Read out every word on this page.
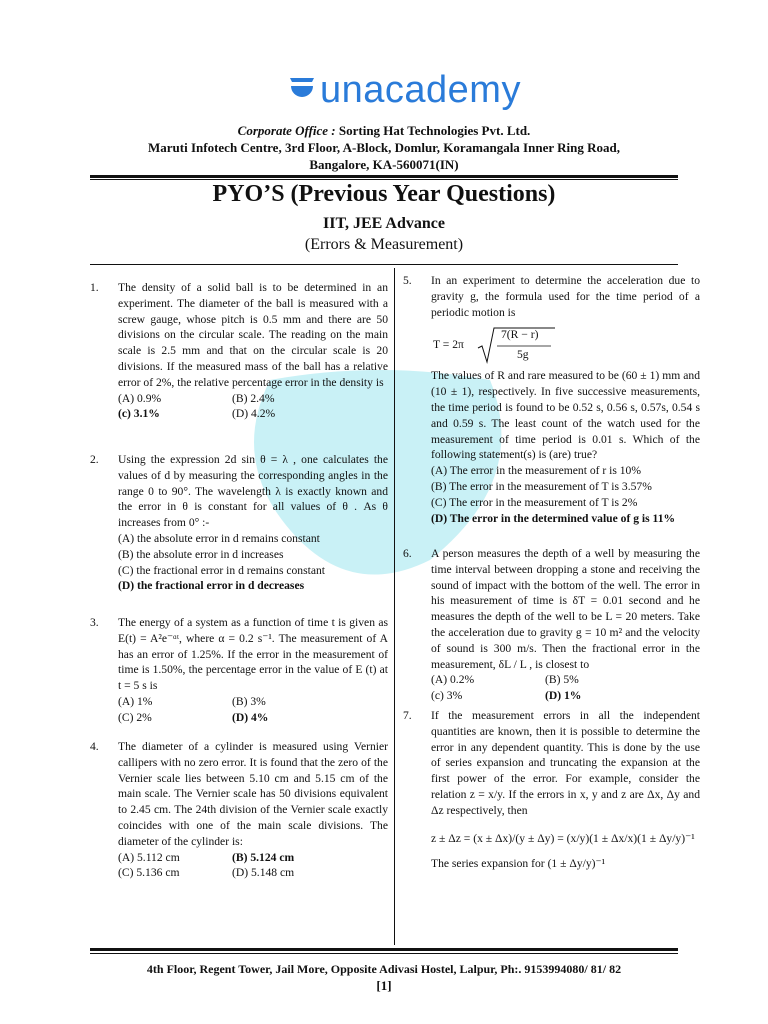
unacademy
Corporate Office : Sorting Hat Technologies Pvt. Ltd.
Maruti Infotech Centre, 3rd Floor, A-Block, Domlur, Koramangala Inner Ring Road,
Bangalore, KA-560071(IN)
PYO’S (Previous Year Questions)
IIT, JEE Advance
(Errors & Measurement)
1. The density of a solid ball is to be determined in an experiment. The diameter of the ball is measured with a screw gauge, whose pitch is 0.5 mm and there are 50 divisions on the circular scale. The reading on the main scale is 2.5 mm and that on the circular scale is 20 divisions. If the measured mass of the ball has a relative error of 2%, the relative percentage error in the density is

(A) 0.9%	(B) 2.4%
(c) 3.1%	(D) 4.2%
2. Using the expression 2d sin θ = λ , one calculates the values of d by measuring the corresponding angles in the range 0 to 90°. The wavelength λ is exactly known and the error in θ is constant for all values of θ . As θ increases from 0° :-

(A) the absolute error in d remains constant
(B) the absolute error in d increases
(C) the fractional error in d remains constant
(D) the fractional error in d decreases
3. The energy of a system as a function of time t is given as E(t) = A²e⁻ᵅᵗ, where α = 0.2 s⁻¹. The measurement of A has an error of 1.25%. If the error in the measurement of time is 1.50%, the percentage error in the value of E (t) at t = 5 s is

(A) 1%	(B) 3%
(C) 2%	(D) 4%
4. The diameter of a cylinder is measured using Vernier callipers with no zero error. It is found that the zero of the Vernier scale lies between 5.10 cm and 5.15 cm of the main scale. The Vernier scale has 50 divisions equivalent to 2.45 cm. The 24th division of the Vernier scale exactly coincides with one of the main scale divisions. The diameter of the cylinder is:

(A) 5.112 cm	(B) 5.124 cm
(C) 5.136 cm	(D) 5.148 cm
5. In an experiment to determine the acceleration due to gravity g, the formula used for the time period of a periodic motion is

T = 2π
7(R − r)
5g

The values of R and rare measured to be (60 ± 1) mm and (10 ± 1), respectively. In five successive measurements, the time period is found to be 0.52 s, 0.56 s, 0.57s, 0.54 s and 0.59 s. The least count of the watch used for the measurement of time period is 0.01 s. Which of the following statement(s) is (are) true?

(A) The error in the measurement of r is 10%
(B) The error in the measurement of T is 3.57%
(C) The error in the measurement of T is 2%
(D) The error in the determined value of g is 11%
6. A person measures the depth of a well by measuring the time interval between dropping a stone and receiving the sound of impact with the bottom of the well. The error in his measurement of time is δT = 0.01 second and he measures the depth of the well to be L = 20 meters. Take the acceleration due to gravity g = 10 m² and the velocity of sound is 300 m/s. Then the fractional error in the measurement, δL / L , is closest to

(A) 0.2%	(B) 5%
(c) 3%	(D) 1%
7. If the measurement errors in all the independent quantities are known, then it is possible to determine the error in any dependent quantity. This is done by the use of series expansion and truncating the expansion at the first power of the error. For example, consider the relation z = x/y. If the errors in x, y and z are Δx, Δy and Δz respectively, then

z ± Δz = (x ± Δx)/(y ± Δy) = (x/y)(1 ± Δx/x)(1 ± Δy/y)⁻¹
The series expansion for (1 ± Δy/y)⁻¹
4th Floor, Regent Tower, Jail More, Opposite Adivasi Hostel, Lalpur, Ph:. 9153994080/ 81/ 82
[1]
